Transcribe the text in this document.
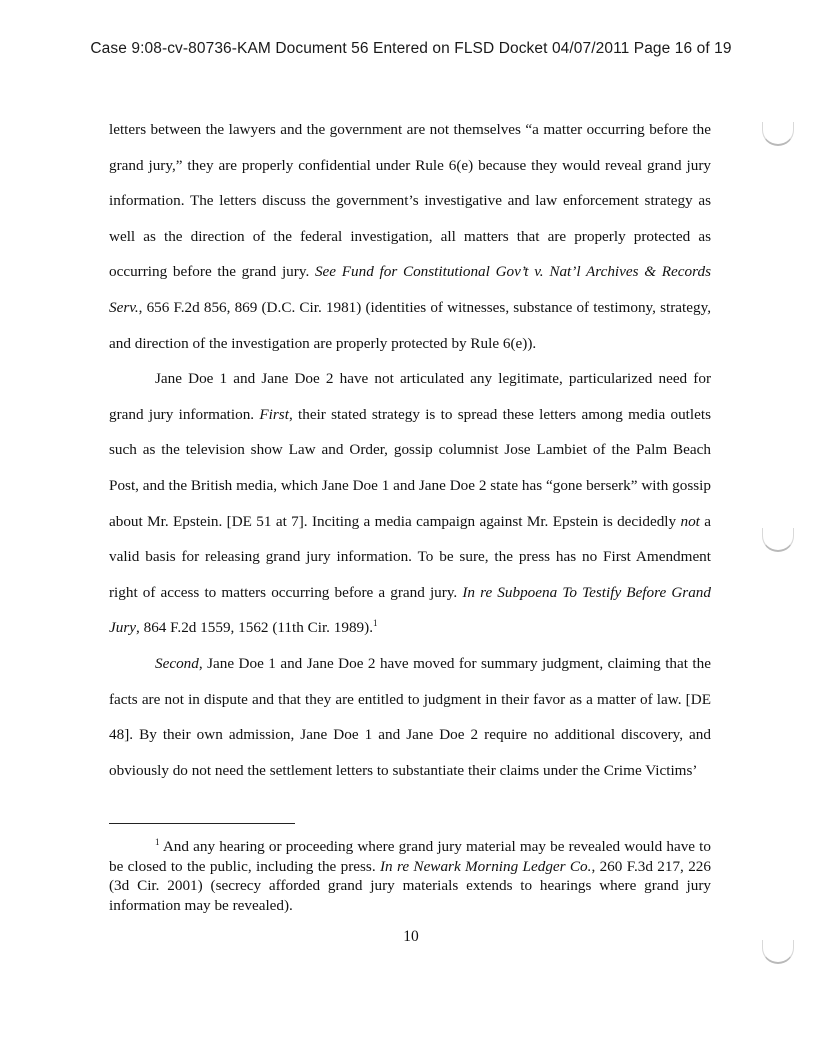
Case 9:08-cv-80736-KAM Document 56 Entered on FLSD Docket 04/07/2011 Page 16 of 19

letters between the lawyers and the government are not themselves “a matter occurring before the grand jury,” they are properly confidential under Rule 6(e) because they would reveal grand jury information. The letters discuss the government’s investigative and law enforcement strategy as well as the direction of the federal investigation, all matters that are properly protected as occurring before the grand jury. See Fund for Constitutional Gov’t v. Nat’l Archives & Records Serv., 656 F.2d 856, 869 (D.C. Cir. 1981) (identities of witnesses, substance of testimony, strategy, and direction of the investigation are properly protected by Rule 6(e)).

Jane Doe 1 and Jane Doe 2 have not articulated any legitimate, particularized need for grand jury information. First, their stated strategy is to spread these letters among media outlets such as the television show Law and Order, gossip columnist Jose Lambiet of the Palm Beach Post, and the British media, which Jane Doe 1 and Jane Doe 2 state has “gone berserk” with gossip about Mr. Epstein. [DE 51 at 7]. Inciting a media campaign against Mr. Epstein is decidedly not a valid basis for releasing grand jury information. To be sure, the press has no First Amendment right of access to matters occurring before a grand jury. In re Subpoena To Testify Before Grand Jury, 864 F.2d 1559, 1562 (11th Cir. 1989).$^1$

Second, Jane Doe 1 and Jane Doe 2 have moved for summary judgment, claiming that the facts are not in dispute and that they are entitled to judgment in their favor as a matter of law. [DE 48]. By their own admission, Jane Doe 1 and Jane Doe 2 require no additional discovery, and obviously do not need the settlement letters to substantiate their claims under the Crime Victims’

$^1$ And any hearing or proceeding where grand jury material may be revealed would have to be closed to the public, including the press. In re Newark Morning Ledger Co., 260 F.3d 217, 226 (3d Cir. 2001) (secrecy afforded grand jury materials extends to hearings where grand jury information may be revealed).
10
